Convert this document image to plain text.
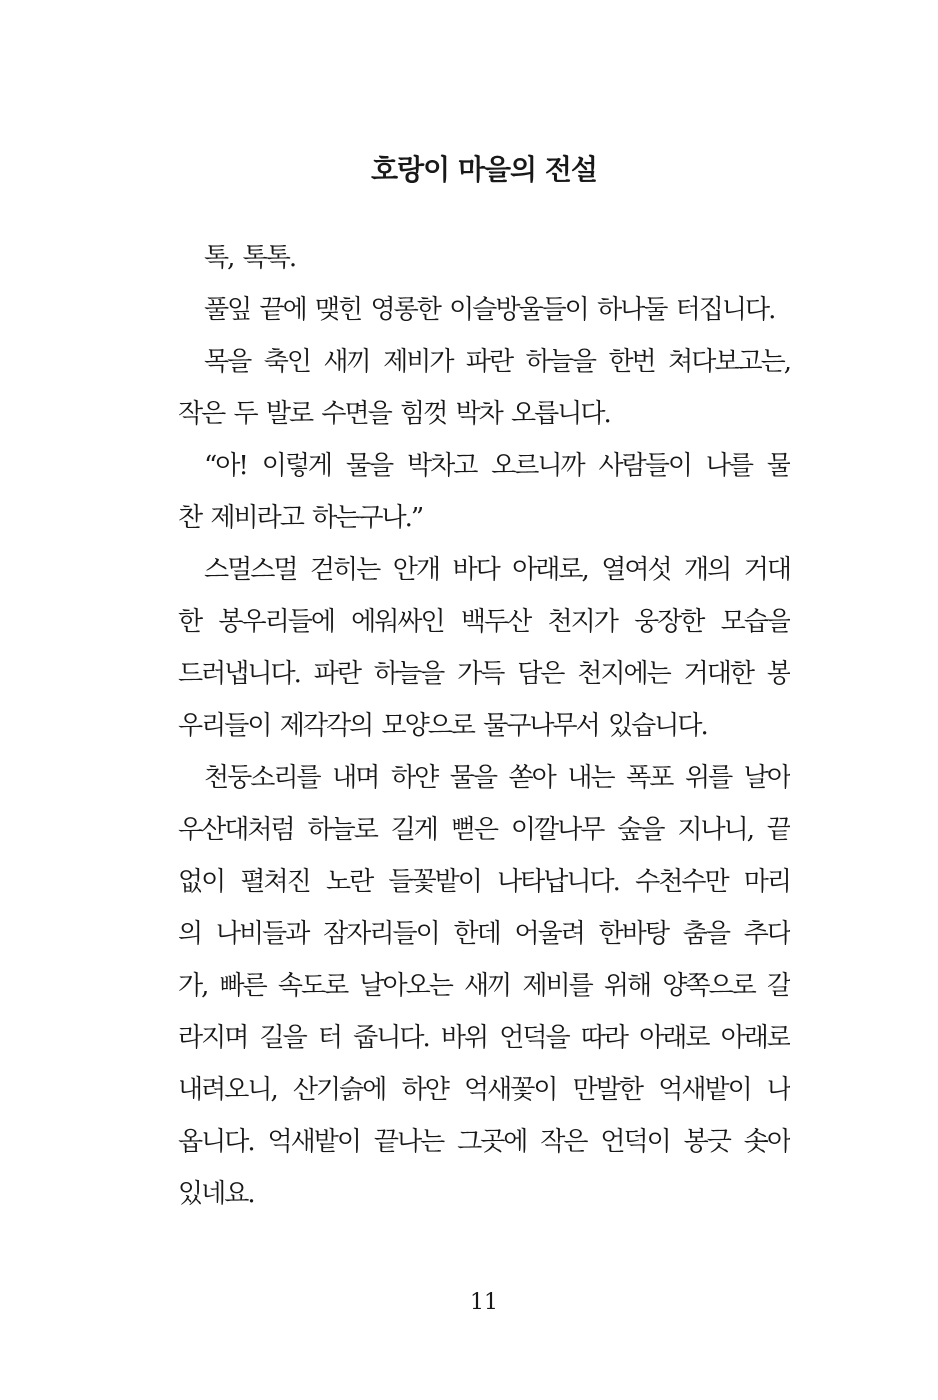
호랑이 마을의 전설
톡, 톡톡.
풀잎 끝에 맺힌 영롱한 이슬방울들이 하나둘 터집니다.
목을 축인 새끼 제비가 파란 하늘을 한번 쳐다보고는,
작은 두 발로 수면을 힘껏 박차 오릅니다.
“아! 이렇게 물을 박차고 오르니까 사람들이 나를 물
찬 제비라고 하는구나.”
스멀스멀 걷히는 안개 바다 아래로, 열여섯 개의 거대
한 봉우리들에 에워싸인 백두산 천지가 웅장한 모습을
드러냅니다. 파란 하늘을 가득 담은 천지에는 거대한 봉
우리들이 제각각의 모양으로 물구나무서 있습니다.
천둥소리를 내며 하얀 물을 쏟아 내는 폭포 위를 날아
우산대처럼 하늘로 길게 뻗은 이깔나무 숲을 지나니, 끝
없이 펼쳐진 노란 들꽃밭이 나타납니다. 수천수만 마리
의 나비들과 잠자리들이 한데 어울려 한바탕 춤을 추다
가, 빠른 속도로 날아오는 새끼 제비를 위해 양쪽으로 갈
라지며 길을 터 줍니다. 바위 언덕을 따라 아래로 아래로
내려오니, 산기슭에 하얀 억새꽃이 만발한 억새밭이 나
옵니다. 억새밭이 끝나는 그곳에 작은 언덕이 봉긋 솟아
있네요.
11
